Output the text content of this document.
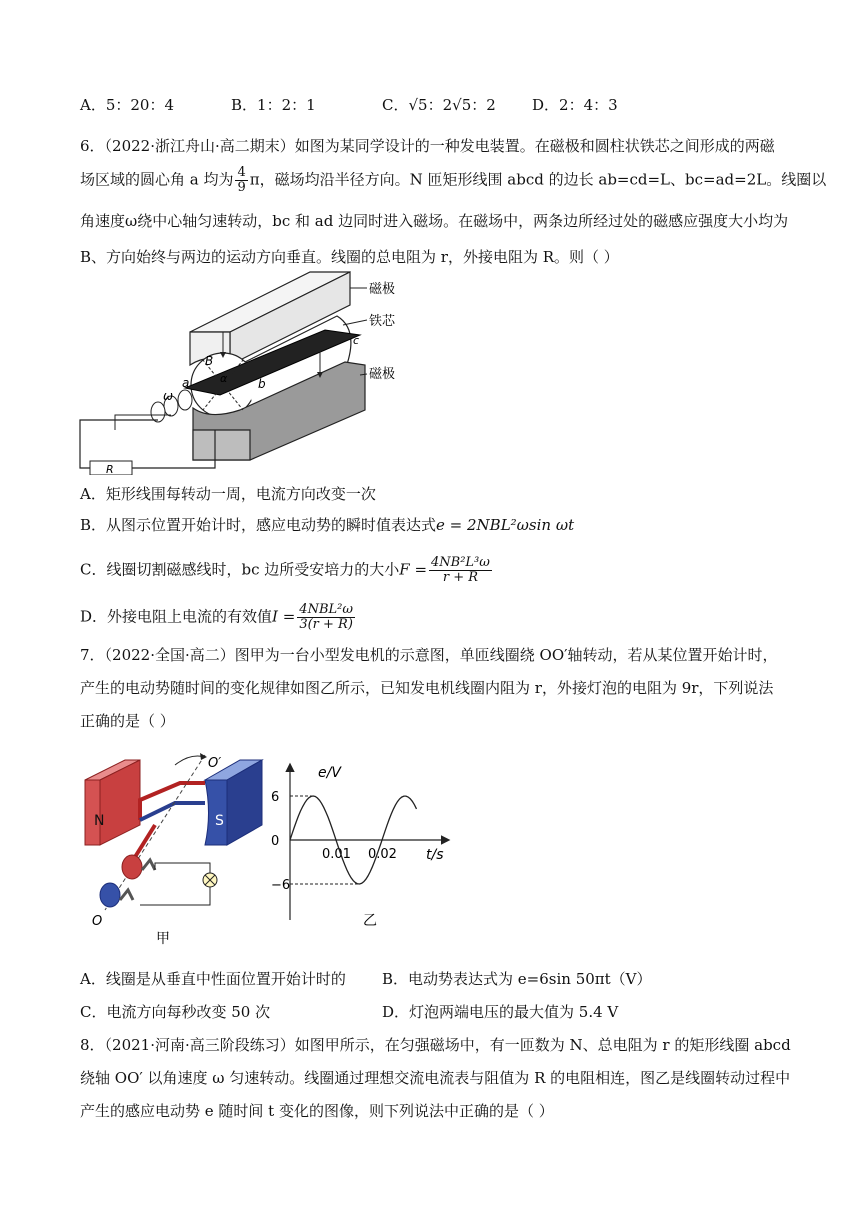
A．5：20：4	B．1：2：1	C．√5：2√5：2 D．2：4：3
6．（2022·浙江舟山·高二期末）如图为某同学设计的一种发电装置。在磁极和圆柱状铁芯之间形成的两磁
场区域的圆心角 a 均为 $\frac{4}{9}$ π，磁场均沿半径方向。N 匝矩形线围 abcd 的边长 ab=cd=L、bc=ad=2L。线圈以
角速度ω绕中心轴匀速转动，bc 和 ad 边同时进入磁场。在磁场中，两条边所经过处的磁感应强度大小均为
B、方向始终与两边的运动方向垂直。线圈的总电阻为 r，外接电阻为 R。则（ ）
磁极
铁芯
磁极
B
a	b
c
α
ω
R
A．矩形线围每转动一周，电流方向改变一次
B．从图示位置开始计时，感应电动势的瞬时值表达式e = 2NBL²ωsin ωt
C．线圈切割磁感线时，bc 边所受安培力的大小$F = \frac{\text{4NB²L³ω}}{r + R}$
D．外接电阻上电流的有效值$I = \frac{\text{4NBL²ω}}{3(r + R)}$
7．（2022·全国·高二）图甲为一台小型发电机的示意图，单匝线圈绕 OO′轴转动，若从某位置开始计时，
产生的电动势随时间的变化规律如图乙所示，已知发电机线圈内阻为 r，外接灯泡的电阻为 9r，下列说法
正确的是（ ）
N	S
O′
O
甲
6
0
−6
0.01 0.02
e/V
t/s
乙
A．线圈是从垂直中性面位置开始计时的 B．电动势表达式为 e=6sin 50πt（V）
C．电流方向每秒改变 50 次	D．灯泡两端电压的最大值为 5.4 V
8．（2021·河南·高三阶段练习）如图甲所示，在匀强磁场中，有一匝数为 N、总电阻为 r 的矩形线圈 abcd
绕轴 OO′ 以角速度 ω 匀速转动。线圈通过理想交流电流表与阻值为 R 的电阻相连，图乙是线圈转动过程中
产生的感应电动势 e 随时间 t 变化的图像，则下列说法中正确的是（ ）
